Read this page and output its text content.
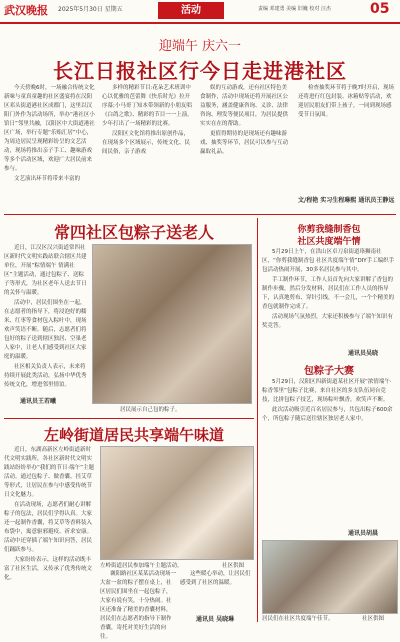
武汉晚报 2025年5月30日 星期五	活动	责编 邓建勇 美编 旧巍 校对 汪杰	05
迎端午 庆六一
长江日报社区行今日走进港社区

今天傍晚6时，一场融合传统文化新味与童真童趣的社区盛宴将在汉阳区邓头街道港社区成都门，这里以汉阳门外作为活动场所，举办“港社区小馆日”邻里共融，汉阳区中大街道港社区广场，举行专题“乐贻汇居”中心，为周边居民呈现精彩纷呈的文艺活动，现场将推出亲子手工、趣味游戏等多个活动区域，欢迎广大居民前来参与。

文艺演出环节将带来丰富的

多样的精彩节目:花朵艺术班训中心以优雅的芭蕾舞《快乐时光》拉开序幕;小马哥丁知本带领新的小朋友唱《白鸽之歌》、精彩的节目一一上演。少年打出了一场精彩的比赛。

汉阳区文化馆将推出原创作品，在现场多个区域展示，传统文化、民间民俗，亲子游戏

娱的互动游戏，还有社区特色美食制作，活动中现场还将开展社区公益服务，涵盖健康咨询、义诊、法律咨询、理发等便民项目，为居民提供实实在在的帮助。

更值得期待的是现场还有趣味游戏、抽奖等环节，居民可以参与互动赢取礼品。

检查抽奖环节将于晚7时开启，现场还将进行红包封装、冰箱贴等活动，欢迎居民朋友们带上孩子，一同到现场感受节日氛围。

文/程艳 实习生程琳熙 通讯员王静远
常四社区包粽子送老人

近日，江汉区汉兴街道常四社区新时代文明实践站联合辖区共建单位，开展“粽情端午 情满社区”主题活动，通过包粽子、送粽子等形式，为社区老年人送去节日的关怀与温暖。

活动中，居民们围坐在一起，在志愿者的指导下，将浸泡好的糯米、红枣等食材包入粽叶中，现场欢声笑语不断。随后，志愿者们将包好的粽子送到辖区独居、空巢老人家中，让老人们感受到社区大家庭的温暖。

社区相关负责人表示，未来将持续开展此类活动，弘扬中华优秀传统文化，增进邻里情谊。

通讯员王若曦
居民展示自己包的粽子。
左岭街道居民共享端午味道

近日，东湖高新区左岭街道新时代文明实践所，各社区新时代文明实践站纷纷举办“我们的节日·端午”主题活动。通过包粽子、做香囊、挂艾草等形式，让居民在参与中感受传统节日文化魅力。

在活动现场，志愿者们耐心讲解粽子的包法，居民们学得认真。大家还一起制作香囊，将艾草等香料装入布袋中，寓意驱邪避疫、祈求安康。活动中还穿插了端午知识问答，居民们踊跃参与。

大家纷纷表示，这样的活动既丰富了社区生活，又传承了优秀传统文化。

左岭街道居民参加端午主题活动。	社区供图

襄阳路社区某某活动现场一大盆一盆的粽子摆在桌上，社区居民们围坐在一起包粽子，大家有说有笑，十分热闹。社区还准备了精美的香囊材料，居民们在志愿者的指导下制作香囊，寄托对美好生活的向往。

这些暖心举动，让居民们感受到了社区的温暖。

通讯员 吴晓琳
你剪我缝制香包
社区共度端午情

5月29日上午，在洪山区卓刀泉街道珞狮南社区，“你剪我缝制香包 社区共度端午情”DIY手工编织手包活动热闹开展，30多名居民参与其中。

手工制作环节，工作人员首先向大家讲解了香包的制作步骤，然后分发材料，居民们在工作人员的指导下，认真地剪布、穿针引线，不一会儿，一个个精美的香包就制作完成了。

活动现场气氛热烈，大家还积极参与了端午知识有奖竞答。

通讯员吴晓
包粽子大赛

5月29日，汉阳区四新街道某社区开展“浓情端午·粽香邻里”包粽子比赛，来自社区的多支队伍同台竞技，比拼包粽子技艺，现场粽叶飘香，欢笑声不断。

此次活动吸引近百名居民参与，共包出粽子600余个，所包粽子随后送往辖区独居老人家中。

通讯员胡晨
居民们在社区共度端午佳节。	社区供图
